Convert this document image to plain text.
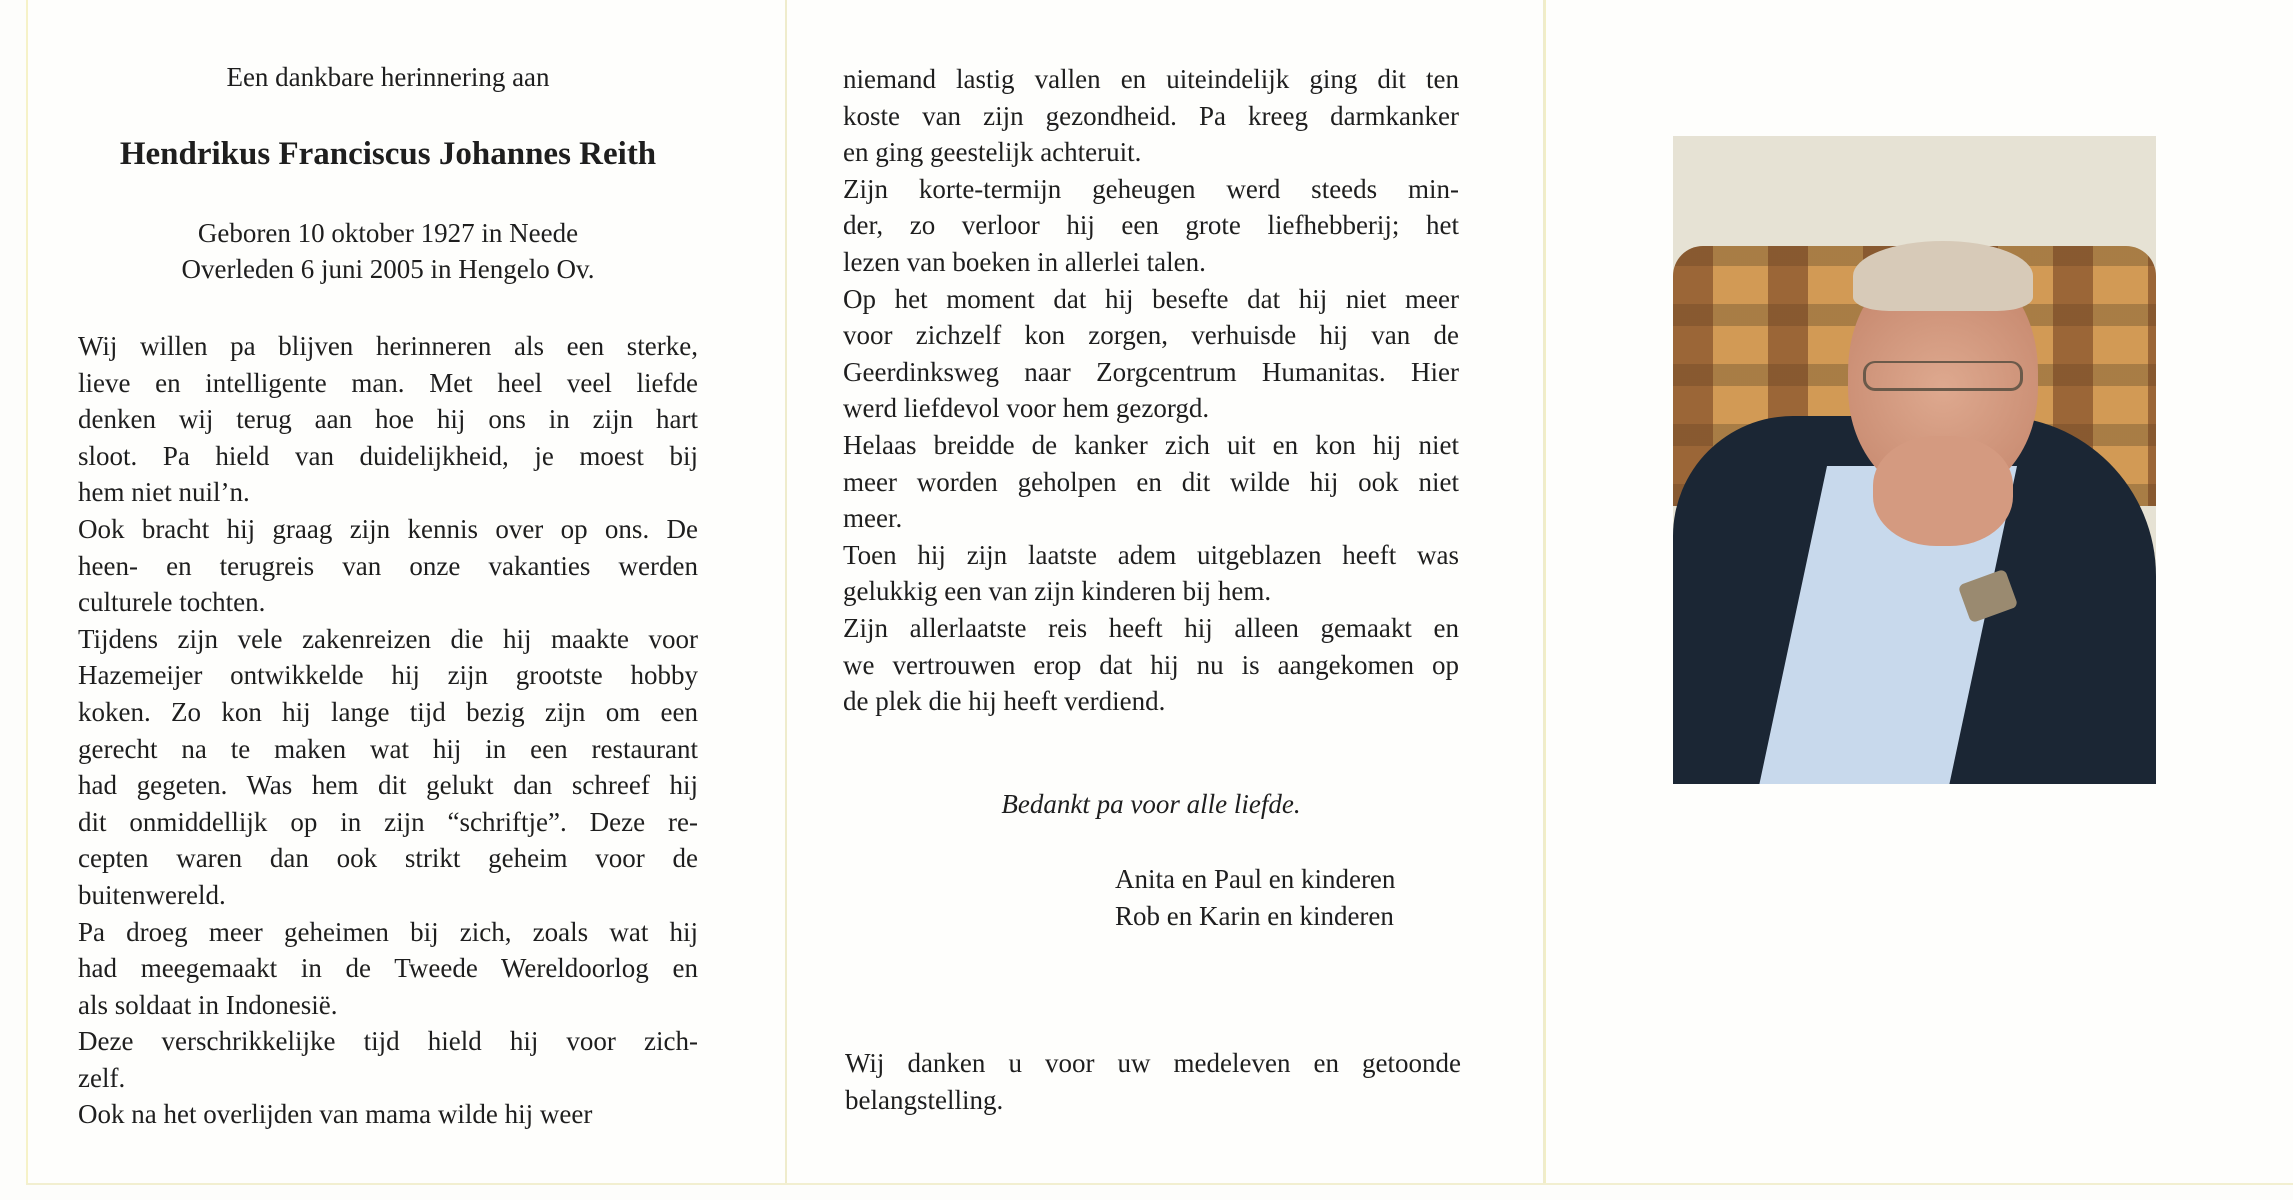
Een dankbare herinnering aan
Hendrikus Franciscus Johannes Reith
Geboren 10 oktober 1927 in Neede
Overleden 6 juni 2005 in Hengelo Ov.
Wij willen pa blijven herinneren als een sterke,
lieve en intelligente man. Met heel veel liefde
denken wij terug aan hoe hij ons in zijn hart
sloot. Pa hield van duidelijkheid, je moest bij
hem niet nuil’n.
Ook bracht hij graag zijn kennis over op ons. De
heen- en terugreis van onze vakanties werden
culturele tochten.
Tijdens zijn vele zakenreizen die hij maakte voor
Hazemeijer ontwikkelde hij zijn grootste hobby
koken. Zo kon hij lange tijd bezig zijn om een
gerecht na te maken wat hij in een restaurant
had gegeten. Was hem dit gelukt dan schreef hij
dit onmiddellijk op in zijn “schriftje”. Deze re-
cepten waren dan ook strikt geheim voor de
buitenwereld.
Pa droeg meer geheimen bij zich, zoals wat hij
had meegemaakt in de Tweede Wereldoorlog en
als soldaat in Indonesië.
Deze verschrikkelijke tijd hield hij voor zich-
zelf.
Ook na het overlijden van mama wilde hij weer
niemand lastig vallen en uiteindelijk ging dit ten
koste van zijn gezondheid. Pa kreeg darmkanker
en ging geestelijk achteruit.
Zijn korte-termijn geheugen werd steeds min-
der, zo verloor hij een grote liefhebberij; het
lezen van boeken in allerlei talen.
Op het moment dat hij besefte dat hij niet meer
voor zichzelf kon zorgen, verhuisde hij van de
Geerdinksweg naar Zorgcentrum Humanitas. Hier
werd liefdevol voor hem gezorgd.
Helaas breidde de kanker zich uit en kon hij niet
meer worden geholpen en dit wilde hij ook niet
meer.
Toen hij zijn laatste adem uitgeblazen heeft was
gelukkig een van zijn kinderen bij hem.
Zijn allerlaatste reis heeft hij alleen gemaakt en
we vertrouwen erop dat hij nu is aangekomen op
de plek die hij heeft verdiend.
Bedankt pa voor alle liefde.
Anita en Paul en kinderen
Rob en Karin en kinderen
Wij danken u voor uw medeleven en getoonde
belangstelling.
